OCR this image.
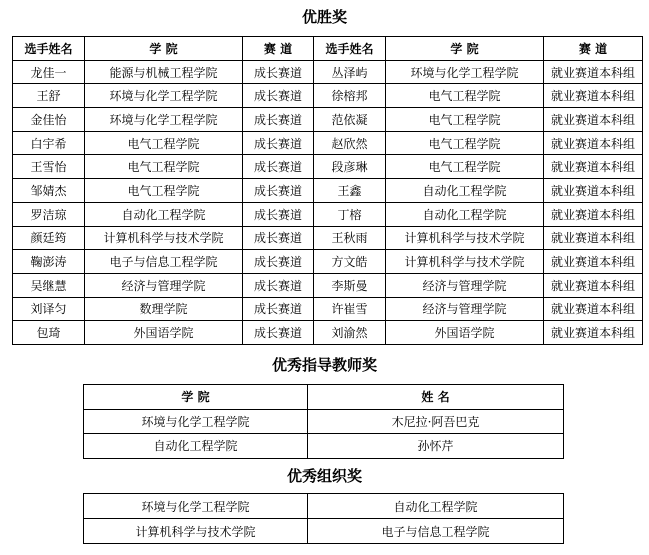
优胜奖
选手姓名	学 院	赛 道	选手姓名	学 院	赛 道
龙佳一	能源与机械工程学院	成长赛道	丛泽屿	环境与化学工程学院	就业赛道本科组
王舒	环境与化学工程学院	成长赛道	徐榕邦	电气工程学院	就业赛道本科组
金佳怡	环境与化学工程学院	成长赛道	范依凝	电气工程学院	就业赛道本科组
白宇希	电气工程学院	成长赛道	赵欣然	电气工程学院	就业赛道本科组
王雪怡	电气工程学院	成长赛道	段彦琳	电气工程学院	就业赛道本科组
邹婧杰	电气工程学院	成长赛道	王鑫	自动化工程学院	就业赛道本科组
罗洁琼	自动化工程学院	成长赛道	丁榕	自动化工程学院	就业赛道本科组
颜廷筠	计算机科学与技术学院	成长赛道	王秋雨	计算机科学与技术学院	就业赛道本科组
鞠澎涛	电子与信息工程学院	成长赛道	方文皓	计算机科学与技术学院	就业赛道本科组
吴继慧	经济与管理学院	成长赛道	李斯曼	经济与管理学院	就业赛道本科组
刘译匀	数理学院	成长赛道	许崔雪	经济与管理学院	就业赛道本科组
包琦	外国语学院	成长赛道	刘渝然	外国语学院	就业赛道本科组
优秀指导教师奖
学 院	姓 名
环境与化学工程学院	木尼拉·阿吾巴克
自动化工程学院	孙怀芹
优秀组织奖
环境与化学工程学院	自动化工程学院
计算机科学与技术学院	电子与信息工程学院
